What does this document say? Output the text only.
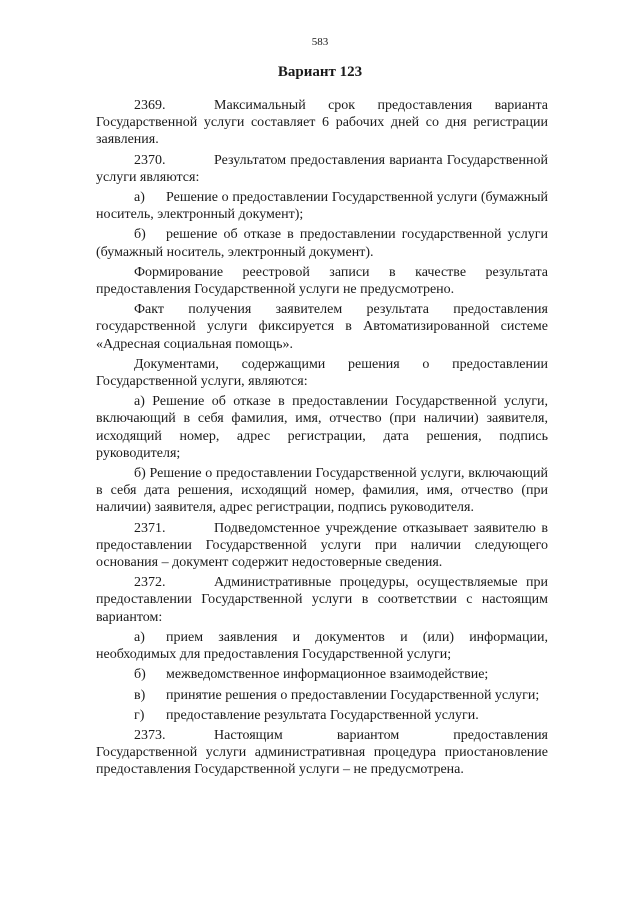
583
Вариант 123

2369.	Максимальный срок предоставления варианта Государственной услуги составляет 6 рабочих дней со дня регистрации заявления.

2370.	Результатом предоставления варианта Государственной услуги являются:

а) Решение о предоставлении Государственной услуги (бумажный носитель, электронный документ);

б) решение об отказе в предоставлении государственной услуги (бумажный носитель, электронный документ).

Формирование реестровой записи в качестве результата предоставления Государственной услуги не предусмотрено.

Факт получения заявителем результата предоставления государственной услуги фиксируется в Автоматизированной системе «Адресная социальная помощь».

Документами, содержащими решения о предоставлении Государственной услуги, являются:

а) Решение об отказе в предоставлении Государственной услуги, включающий в себя фамилия, имя, отчество (при наличии) заявителя, исходящий номер, адрес регистрации, дата решения, подпись руководителя;

б) Решение о предоставлении Государственной услуги, включающий в себя дата решения, исходящий номер, фамилия, имя, отчество (при наличии) заявителя, адрес регистрации, подпись руководителя.

2371.	Подведомстенное учреждение отказывает заявителю в предоставлении Государственной услуги при наличии следующего основания – документ содержит недостоверные сведения.

2372.	Административные процедуры, осуществляемые при предоставлении Государственной услуги в соответствии с настоящим вариантом:

а) прием заявления и документов и (или) информации, необходимых для предоставления Государственной услуги;

б) межведомственное информационное взаимодействие;

в) принятие решения о предоставлении Государственной услуги;

г) предоставление результата Государственной услуги.

2373.	Настоящим вариантом предоставления Государственной услуги административная процедура приостановление предоставления Государственной услуги – не предусмотрена.
